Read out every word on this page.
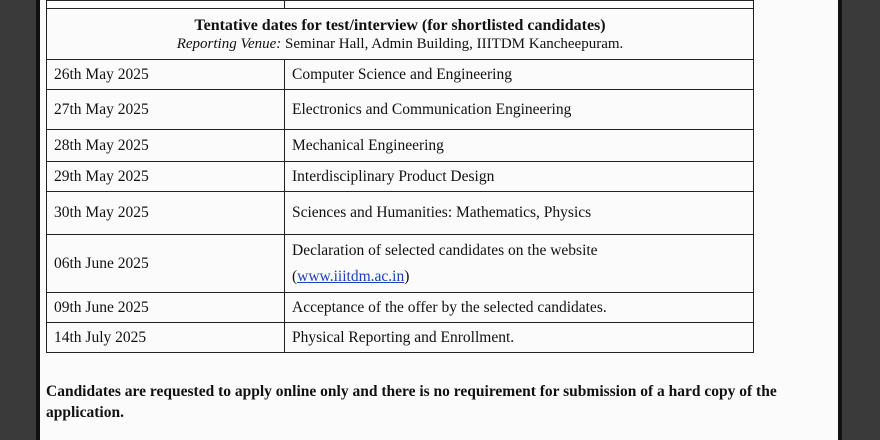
Tentative dates for test/interview (for shortlisted candidates)
Reporting Venue: Seminar Hall, Admin Building, IIITDM Kancheepuram.	

26th May 2025	Computer Science and Engineering
27th May 2025	Electronics and Communication Engineering
28th May 2025	Mechanical Engineering
29th May 2025	Interdisciplinary Product Design
30th May 2025	Sciences and Humanities: Mathematics, Physics
06th June 2025	Declaration of selected candidates on the website
(www.iiitdm.ac.in)

09th June 2025	Acceptance of the offer by the selected candidates.
14th July 2025	Physical Reporting and Enrollment.
Candidates are requested to apply online only and there is no requirement for submission of a hard copy of the application.
